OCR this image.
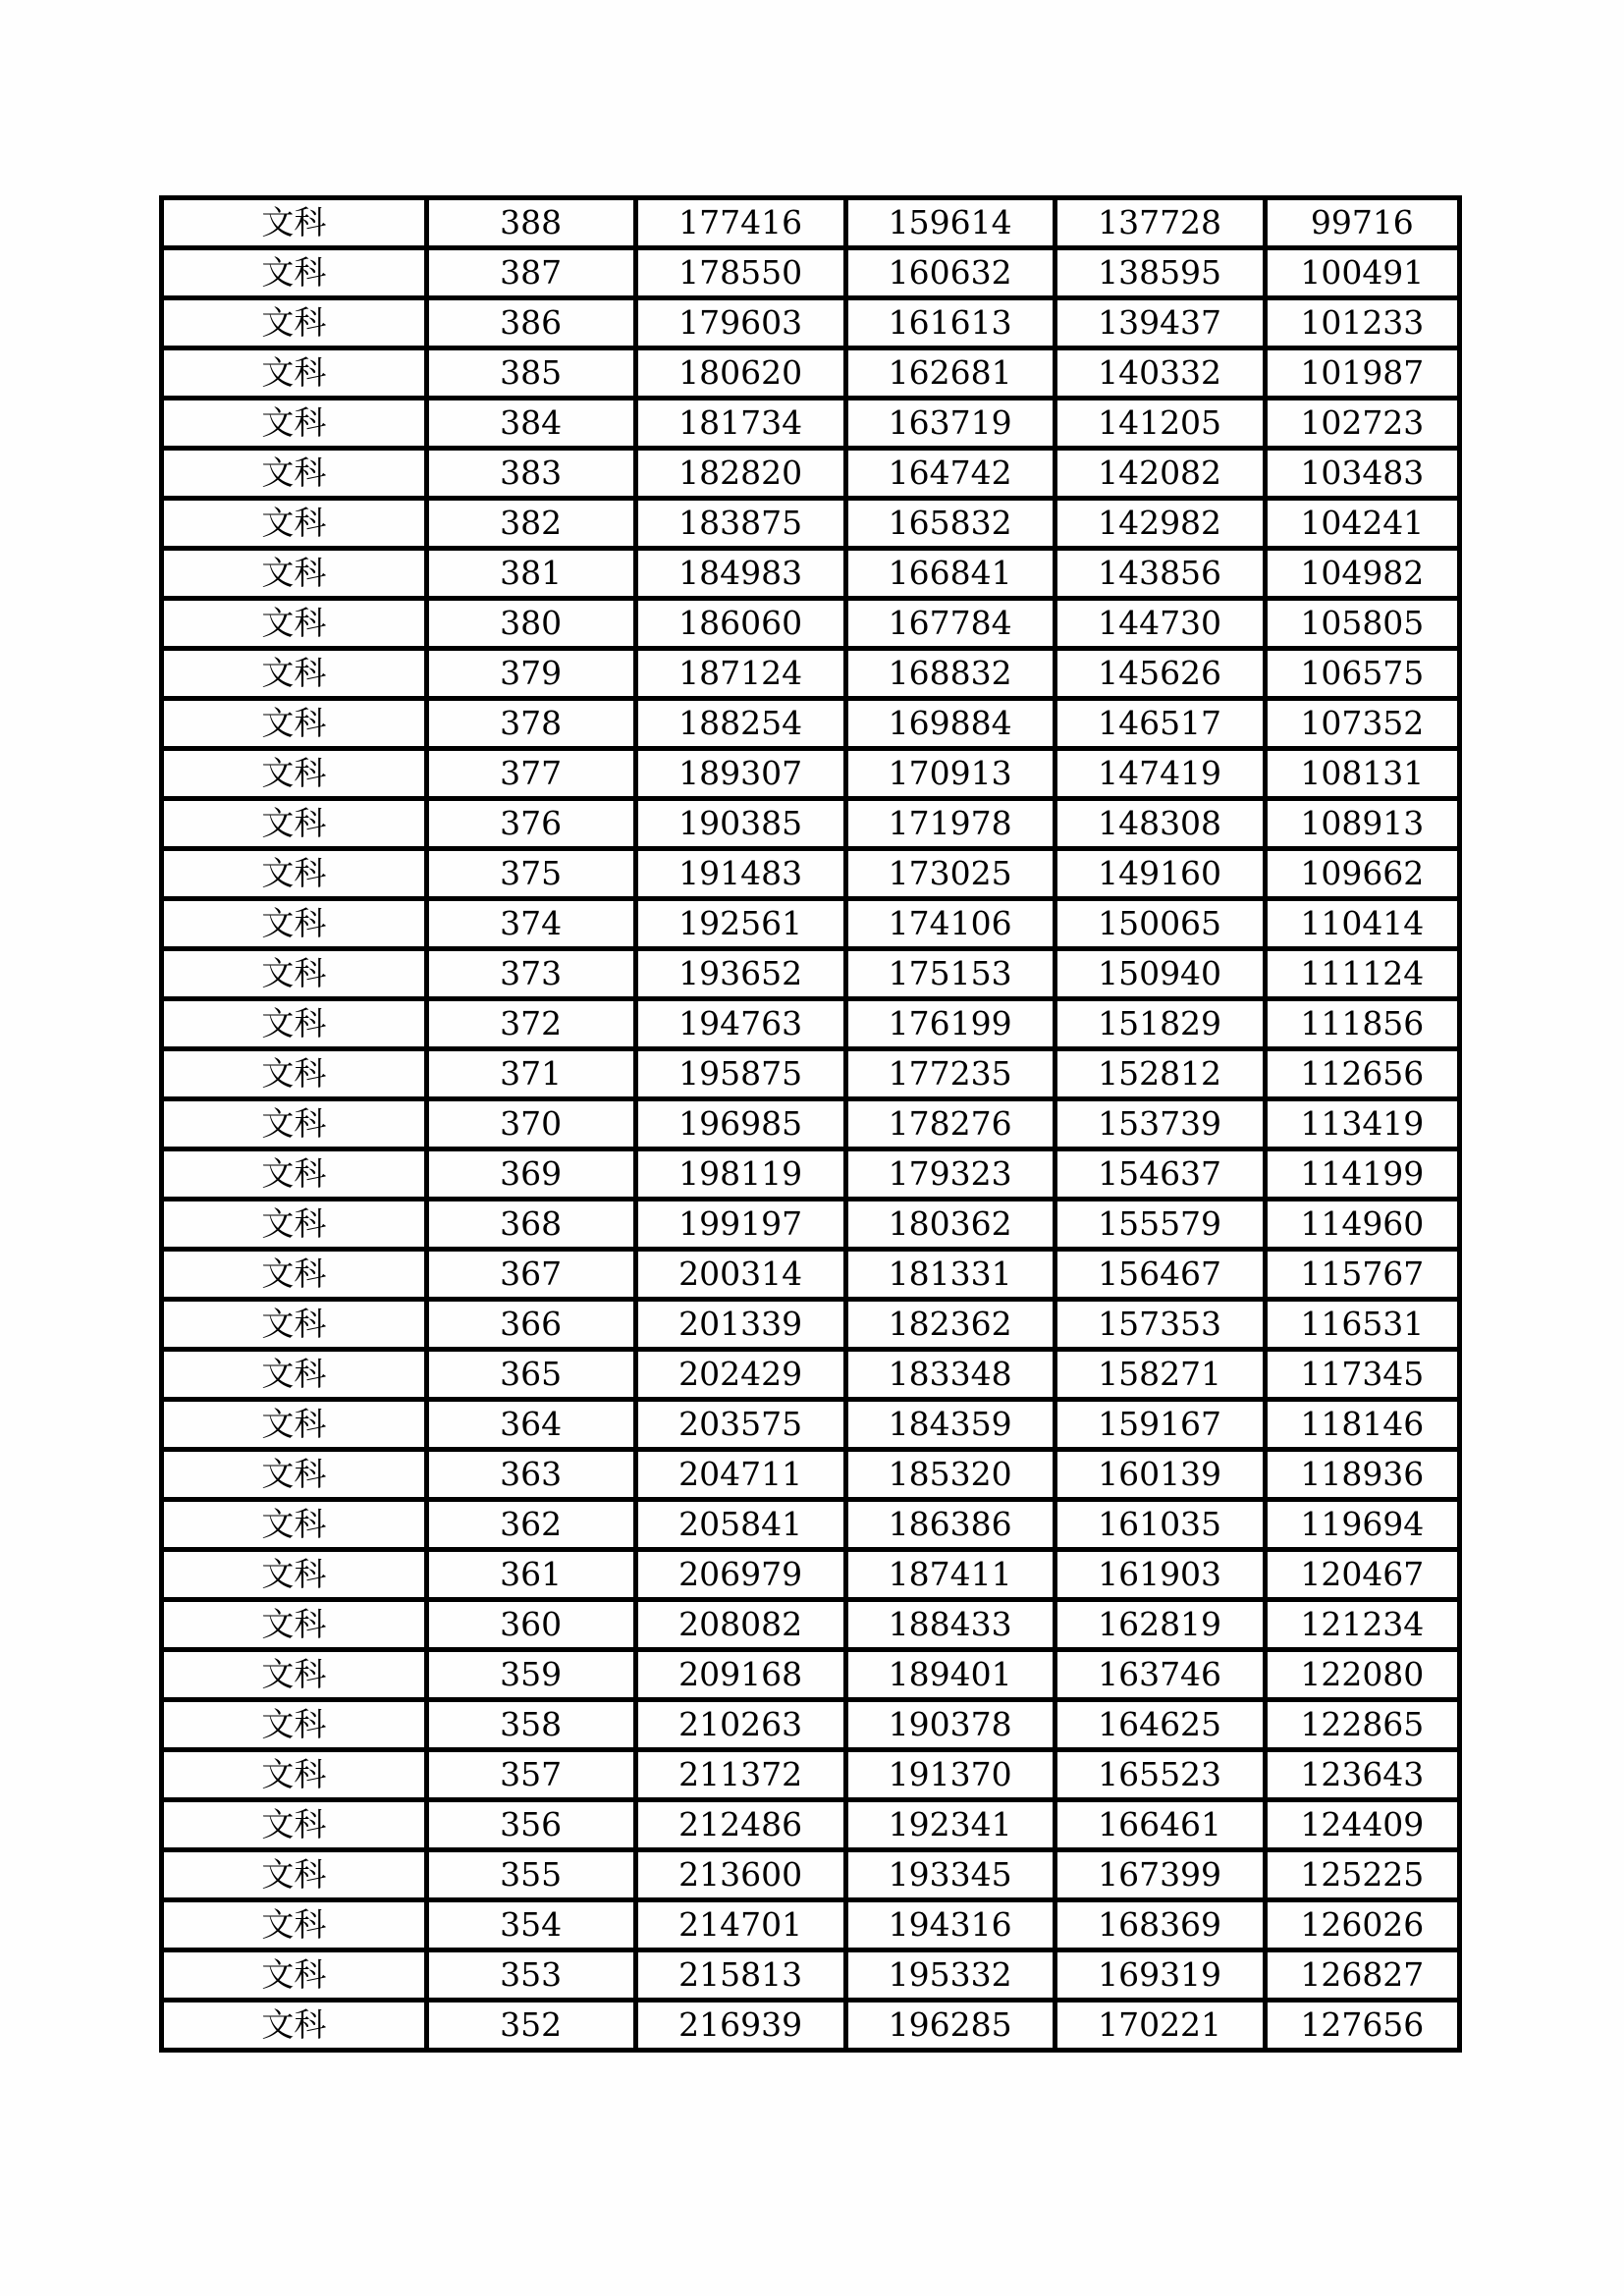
文科	388	177416	159614	137728	99716
文科	387	178550	160632	138595	100491
文科	386	179603	161613	139437	101233
文科	385	180620	162681	140332	101987
文科	384	181734	163719	141205	102723
文科	383	182820	164742	142082	103483
文科	382	183875	165832	142982	104241
文科	381	184983	166841	143856	104982
文科	380	186060	167784	144730	105805
文科	379	187124	168832	145626	106575
文科	378	188254	169884	146517	107352
文科	377	189307	170913	147419	108131
文科	376	190385	171978	148308	108913
文科	375	191483	173025	149160	109662
文科	374	192561	174106	150065	110414
文科	373	193652	175153	150940	111124
文科	372	194763	176199	151829	111856
文科	371	195875	177235	152812	112656
文科	370	196985	178276	153739	113419
文科	369	198119	179323	154637	114199
文科	368	199197	180362	155579	114960
文科	367	200314	181331	156467	115767
文科	366	201339	182362	157353	116531
文科	365	202429	183348	158271	117345
文科	364	203575	184359	159167	118146
文科	363	204711	185320	160139	118936
文科	362	205841	186386	161035	119694
文科	361	206979	187411	161903	120467
文科	360	208082	188433	162819	121234
文科	359	209168	189401	163746	122080
文科	358	210263	190378	164625	122865
文科	357	211372	191370	165523	123643
文科	356	212486	192341	166461	124409
文科	355	213600	193345	167399	125225
文科	354	214701	194316	168369	126026
文科	353	215813	195332	169319	126827
文科	352	216939	196285	170221	127656
